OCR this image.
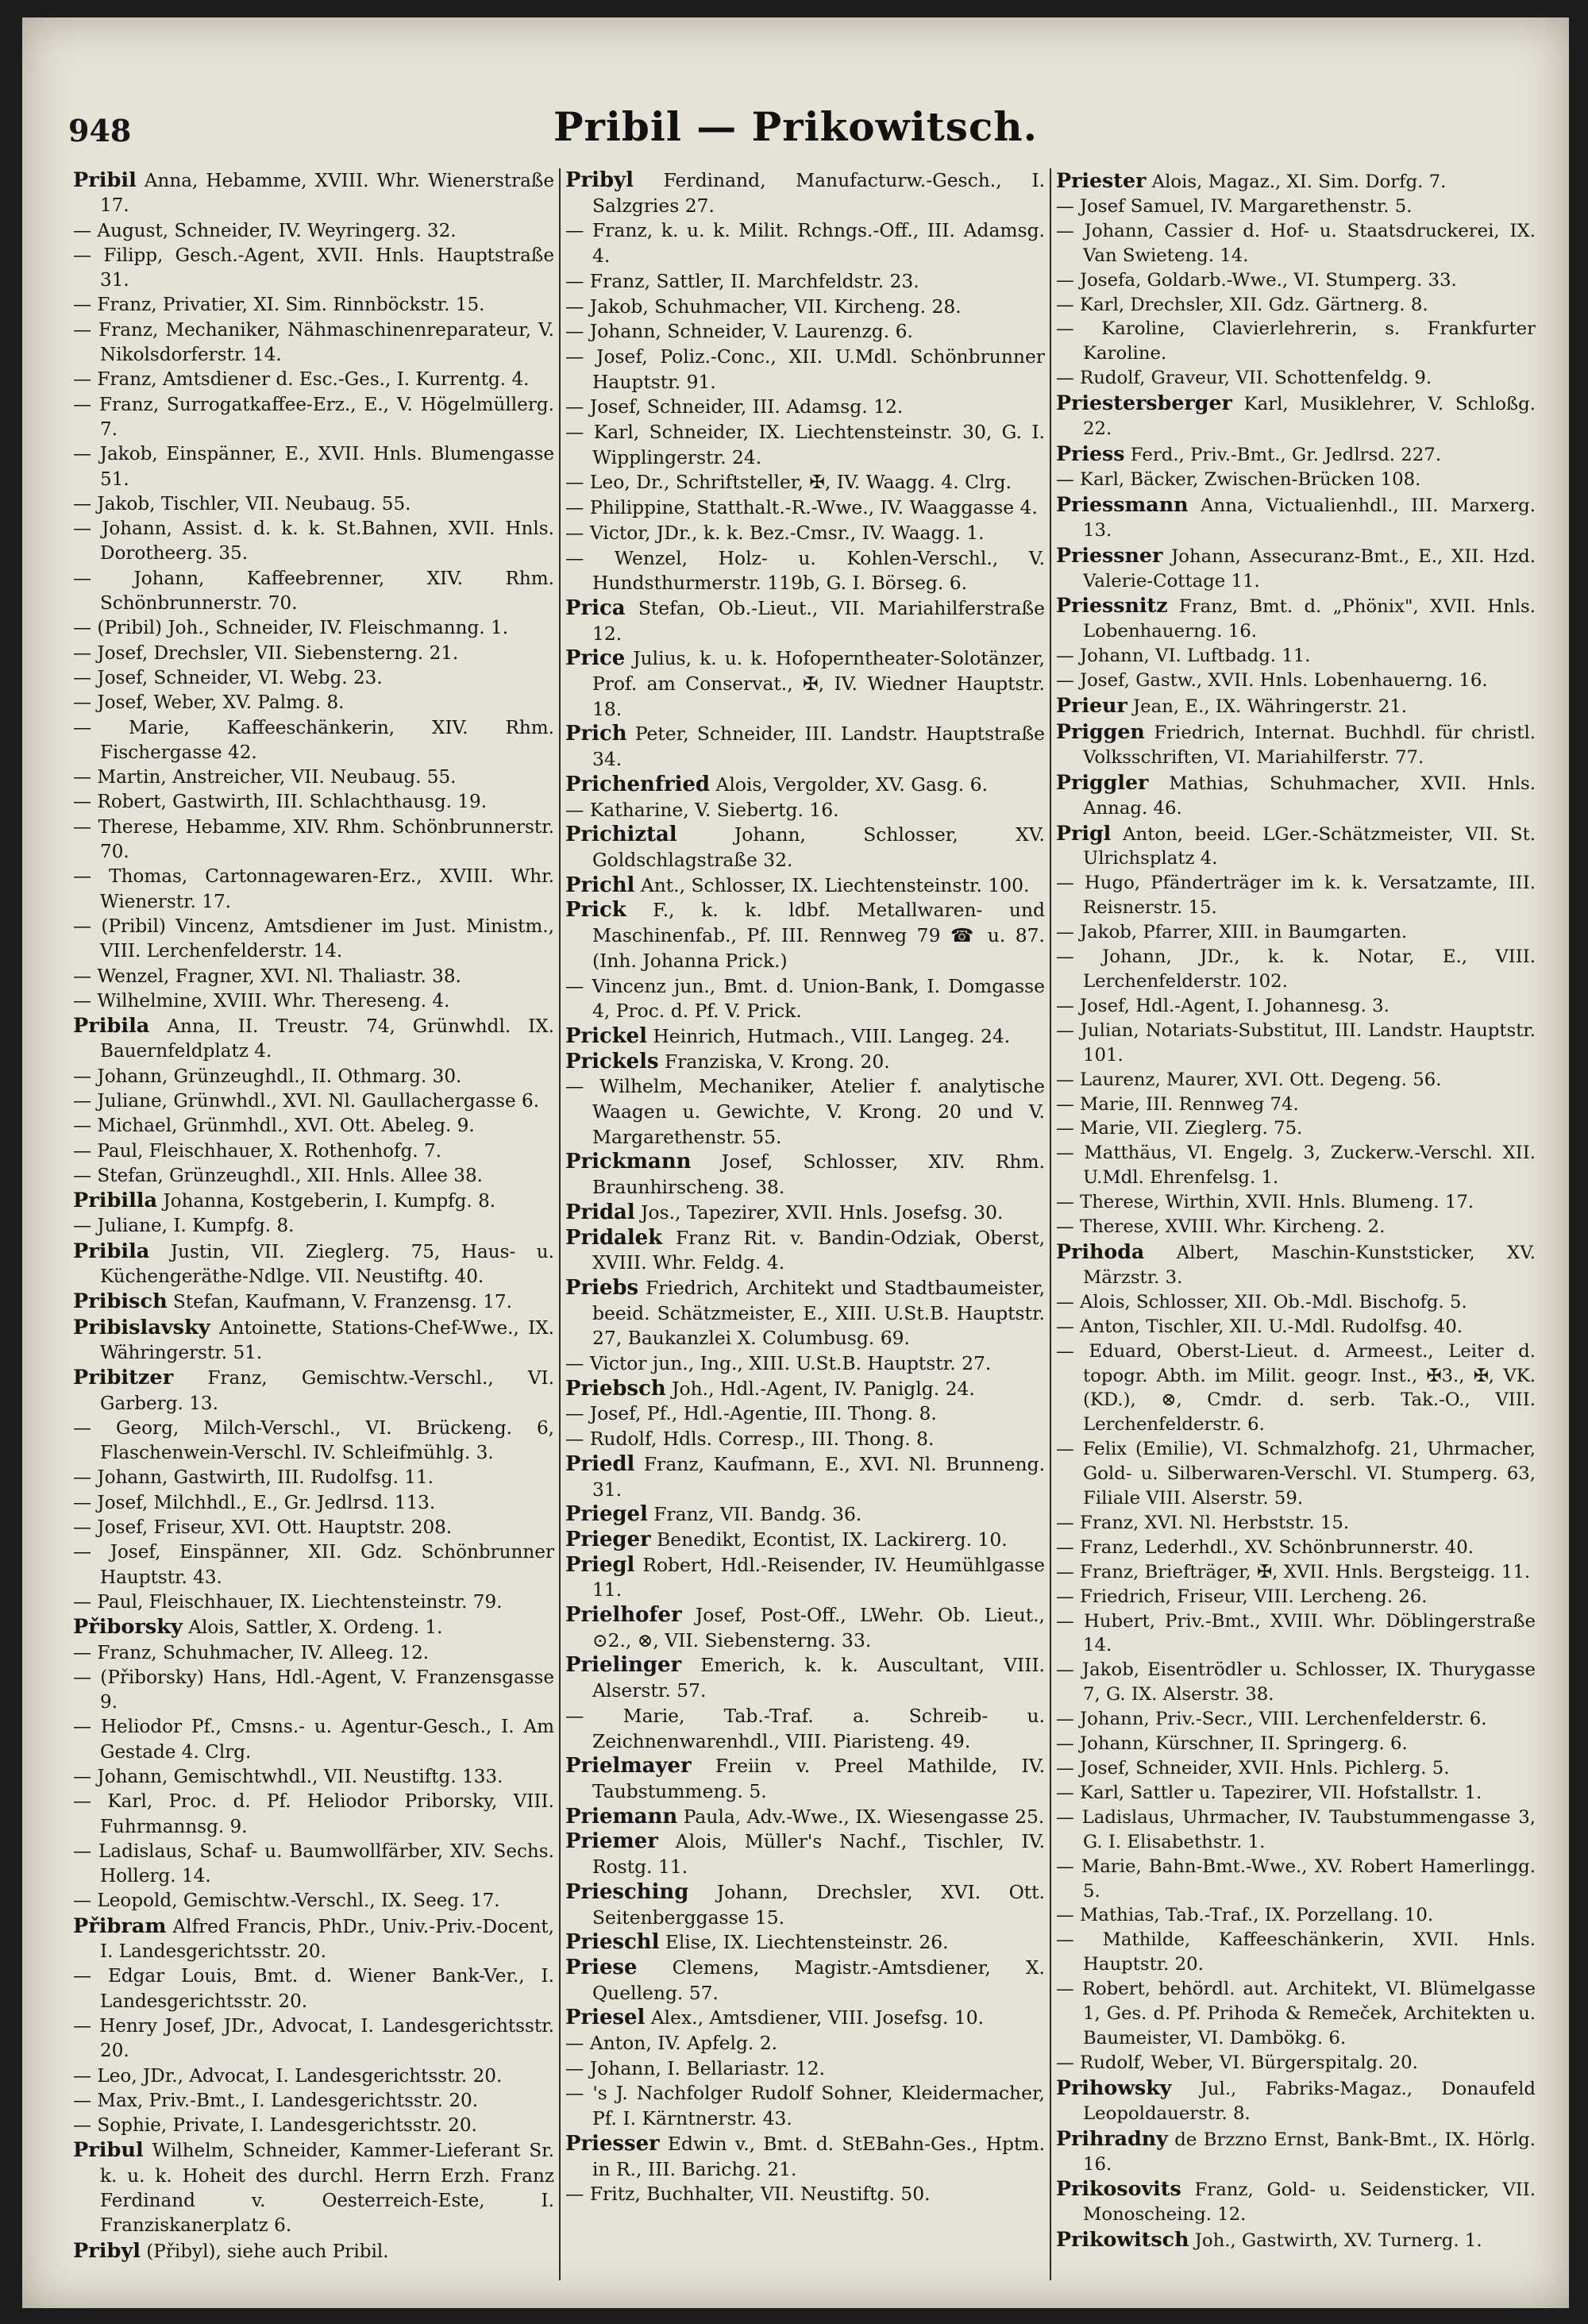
948	Pribil — Prikowitsch.
Pribil Anna, Hebamme, XVIII. Whr. Wienerstraße 17.
— August, Schneider, IV. Weyringerg. 32.
— Filipp, Gesch.-Agent, XVII. Hnls. Hauptstraße 31.
— Franz, Privatier, XI. Sim. Rinnböckstr. 15.
— Franz, Mechaniker, Nähmaschinenreparateur, V. Nikolsdorferstr. 14.
— Franz, Amtsdiener d. Esc.-Ges., I. Kurrentg. 4.
— Franz, Surrogatkaffee-Erz., E., V. Högelmüllerg. 7.
— Jakob, Einspänner, E., XVII. Hnls. Blumengasse 51.
— Jakob, Tischler, VII. Neubaug. 55.
— Johann, Assist. d. k. k. St.Bahnen, XVII. Hnls. Dorotheerg. 35.
— Johann, Kaffeebrenner, XIV. Rhm. Schönbrunnerstr. 70.
— (Pribil) Joh., Schneider, IV. Fleischmanng. 1.
— Josef, Drechsler, VII. Siebensterng. 21.
— Josef, Schneider, VI. Webg. 23.
— Josef, Weber, XV. Palmg. 8.
— Marie, Kaffeeschänkerin, XIV. Rhm. Fischergasse 42.
— Martin, Anstreicher, VII. Neubaug. 55.
— Robert, Gastwirth, III. Schlachthausg. 19.
— Therese, Hebamme, XIV. Rhm. Schönbrunnerstr. 70.
— Thomas, Cartonnagewaren-Erz., XVIII. Whr. Wienerstr. 17.
— (Pribil) Vincenz, Amtsdiener im Just. Ministm., VIII. Lerchenfelderstr. 14.
— Wenzel, Fragner, XVI. Nl. Thaliastr. 38.
— Wilhelmine, XVIII. Whr. Thereseng. 4.
Pribila Anna, II. Treustr. 74, Grünwhdl. IX. Bauernfeldplatz 4.
— Johann, Grünzeughdl., II. Othmarg. 30.
— Juliane, Grünwhdl., XVI. Nl. Gaullachergasse 6.
— Michael, Grünmhdl., XVI. Ott. Abeleg. 9.
— Paul, Fleischhauer, X. Rothenhofg. 7.
— Stefan, Grünzeughdl., XII. Hnls. Allee 38.
Pribilla Johanna, Kostgeberin, I. Kumpfg. 8.
— Juliane, I. Kumpfg. 8.
Pribila Justin, VII. Zieglerg. 75, Haus- u. Küchengeräthe-Ndlge. VII. Neustiftg. 40.
Pribisch Stefan, Kaufmann, V. Franzensg. 17.
Pribislavsky Antoinette, Stations-Chef-Wwe., IX. Währingerstr. 51.
Pribitzer Franz, Gemischtw.-Verschl., VI. Garberg. 13.
— Georg, Milch-Verschl., VI. Brückeng. 6, Flaschenwein-Verschl. IV. Schleifmühlg. 3.
— Johann, Gastwirth, III. Rudolfsg. 11.
— Josef, Milchhdl., E., Gr. Jedlrsd. 113.
— Josef, Friseur, XVI. Ott. Hauptstr. 208.
— Josef, Einspänner, XII. Gdz. Schönbrunner Hauptstr. 43.
— Paul, Fleischhauer, IX. Liechtensteinstr. 79.
Přiborsky Alois, Sattler, X. Ordeng. 1.
— Franz, Schuhmacher, IV. Alleeg. 12.
— (Přiborsky) Hans, Hdl.-Agent, V. Franzensgasse 9.
— Heliodor Pf., Cmsns.- u. Agentur-Gesch., I. Am Gestade 4. Clrg.
— Johann, Gemischtwhdl., VII. Neustiftg. 133.
— Karl, Proc. d. Pf. Heliodor Priborsky, VIII. Fuhrmannsg. 9.
— Ladislaus, Schaf- u. Baumwollfärber, XIV. Sechs. Hollerg. 14.
— Leopold, Gemischtw.-Verschl., IX. Seeg. 17.
Přibram Alfred Francis, PhDr., Univ.-Priv.-Docent, I. Landesgerichtsstr. 20.
— Edgar Louis, Bmt. d. Wiener Bank-Ver., I. Landesgerichtsstr. 20.
— Henry Josef, JDr., Advocat, I. Landesgerichtsstr. 20.
— Leo, JDr., Advocat, I. Landesgerichtsstr. 20.
— Max, Priv.-Bmt., I. Landesgerichtsstr. 20.
— Sophie, Private, I. Landesgerichtsstr. 20.
Pribul Wilhelm, Schneider, Kammer-Lieferant Sr. k. u. k. Hoheit des durchl. Herrn Erzh. Franz Ferdinand v. Oesterreich-Este, I. Franziskanerplatz 6.
Pribyl (Přibyl), siehe auch Pribil.
Pribyl Ferdinand, Manufacturw.-Gesch., I. Salzgries 27.
— Franz, k. u. k. Milit. Rchngs.-Off., III. Adamsg. 4.
— Franz, Sattler, II. Marchfeldstr. 23.
— Jakob, Schuhmacher, VII. Kircheng. 28.
— Johann, Schneider, V. Laurenzg. 6.
— Josef, Poliz.-Conc., XII. U.Mdl. Schönbrunner Hauptstr. 91.
— Josef, Schneider, III. Adamsg. 12.
— Karl, Schneider, IX. Liechtensteinstr. 30, G. I. Wipplingerstr. 24.
— Leo, Dr., Schriftsteller, ✠, IV. Waagg. 4. Clrg.
— Philippine, Statthalt.-R.-Wwe., IV. Waaggasse 4.
— Victor, JDr., k. k. Bez.-Cmsr., IV. Waagg. 1.
— Wenzel, Holz- u. Kohlen-Verschl., V. Hundsthurmerstr. 119b, G. I. Börseg. 6.
Prica Stefan, Ob.-Lieut., VII. Mariahilferstraße 12.
Price Julius, k. u. k. Hofoperntheater-Solotänzer, Prof. am Conservat., ✠, IV. Wiedner Hauptstr. 18.
Prich Peter, Schneider, III. Landstr. Hauptstraße 34.
Prichenfried Alois, Vergolder, XV. Gasg. 6.
— Katharine, V. Siebertg. 16.
Prichiztal	Johann, Schlosser, XV. Goldschlagstraße 32.
Prichl Ant., Schlosser, IX. Liechtensteinstr. 100.
Prick F., k. k. ldbf. Metallwaren- und Maschinenfab., Pf. III. Rennweg 79 ☎ u. 87. (Inh. Johanna Prick.)
— Vincenz jun., Bmt. d. Union-Bank, I. Domgasse 4, Proc. d. Pf. V. Prick.
Prickel Heinrich, Hutmach., VIII. Langeg. 24.
Prickels Franziska, V. Krong. 20.
— Wilhelm, Mechaniker, Atelier f. analytische Waagen u. Gewichte, V. Krong. 20 und V. Margarethenstr. 55.
Prickmann Josef, Schlosser, XIV. Rhm. Braunhirscheng. 38.
Pridal Jos., Tapezirer, XVII. Hnls. Josefsg. 30.
Pridalek Franz Rit. v. Bandin-Odziak, Oberst, XVIII. Whr. Feldg. 4.
Priebs Friedrich, Architekt und Stadtbaumeister, beeid. Schätzmeister, E., XIII. U.St.B. Hauptstr. 27, Baukanzlei X. Columbusg. 69.
— Victor jun., Ing., XIII. U.St.B. Hauptstr. 27.
Priebsch Joh., Hdl.-Agent, IV. Paniglg. 24.
— Josef, Pf., Hdl.-Agentie, III. Thong. 8.
— Rudolf, Hdls. Corresp., III. Thong. 8.
Priedl Franz, Kaufmann, E., XVI. Nl. Brunneng. 31.
Priegel Franz, VII. Bandg. 36.
Prieger Benedikt, Econtist, IX. Lackirerg. 10.
Priegl Robert, Hdl.-Reisender, IV. Heumühlgasse 11.
Prielhofer Josef, Post-Off., LWehr. Ob. Lieut., ⊙2., ⊗, VII. Siebensterng. 33.
Prielinger Emerich, k. k. Auscultant, VIII. Alserstr. 57.
— Marie, Tab.-Traf. a. Schreib- u. Zeichnenwarenhdl., VIII. Piaristeng. 49.
Prielmayer Freiin v. Preel Mathilde, IV. Taubstummeng. 5.
Priemann Paula, Adv.-Wwe., IX. Wiesengasse 25.
Priemer Alois, Müller's Nachf., Tischler, IV. Rostg. 11.
Priesching Johann, Drechsler, XVI. Ott. Seitenberggasse 15.
Prieschl Elise, IX. Liechtensteinstr. 26.
Priese Clemens, Magistr.-Amtsdiener, X. Quelleng. 57.
Priesel Alex., Amtsdiener, VIII. Josefsg. 10.
— Anton, IV. Apfelg. 2.
— Johann, I. Bellariastr. 12.
— 's J. Nachfolger Rudolf Sohner, Kleidermacher, Pf. I. Kärntnerstr. 43.
Priesser Edwin v., Bmt. d. StEBahn-Ges., Hptm. in R., III. Barichg. 21.
— Fritz, Buchhalter, VII. Neustiftg. 50.
Priester Alois, Magaz., XI. Sim. Dorfg. 7.
— Josef Samuel, IV. Margarethenstr. 5.
— Johann, Cassier d. Hof- u. Staatsdruckerei, IX. Van Swieteng. 14.
— Josefa, Goldarb.-Wwe., VI. Stumperg. 33.
— Karl, Drechsler, XII. Gdz. Gärtnerg. 8.
— Karoline, Clavierlehrerin, s. Frankfurter Karoline.
— Rudolf, Graveur, VII. Schottenfeldg. 9.
Priestersberger Karl, Musiklehrer, V. Schloßg. 22.
Priess Ferd., Priv.-Bmt., Gr. Jedlrsd. 227.
— Karl, Bäcker, Zwischen-Brücken 108.
Priessmann Anna, Victualienhdl., III. Marxerg. 13.
Priessner Johann, Assecuranz-Bmt., E., XII. Hzd. Valerie-Cottage 11.
Priessnitz Franz, Bmt. d. „Phönix", XVII. Hnls. Lobenhauerng. 16.
— Johann, VI. Luftbadg. 11.
— Josef, Gastw., XVII. Hnls. Lobenhauerng. 16.
Prieur Jean, E., IX. Währingerstr. 21.
Priggen Friedrich, Internat. Buchhdl. für christl. Volksschriften, VI. Mariahilferstr. 77.
Priggler Mathias, Schuhmacher, XVII. Hnls. Annag. 46.
Prigl Anton, beeid. LGer.-Schätzmeister, VII. St. Ulrichsplatz 4.
— Hugo, Pfänderträger im k. k. Versatzamte, III. Reisnerstr. 15.
— Jakob, Pfarrer, XIII. in Baumgarten.
— Johann, JDr., k. k. Notar, E., VIII. Lerchenfelderstr. 102.
— Josef, Hdl.-Agent, I. Johannesg. 3.
— Julian, Notariats-Substitut, III. Landstr. Hauptstr. 101.
— Laurenz, Maurer, XVI. Ott. Degeng. 56.
— Marie, III. Rennweg 74.
— Marie, VII. Zieglerg. 75.
— Matthäus, VI. Engelg. 3, Zuckerw.-Verschl. XII. U.Mdl. Ehrenfelsg. 1.
— Therese, Wirthin, XVII. Hnls. Blumeng. 17.
— Therese, XVIII. Whr. Kircheng. 2.
Prihoda Albert, Maschin-Kunststicker, XV. Märzstr. 3.
— Alois, Schlosser, XII. Ob.-Mdl. Bischofg. 5.
— Anton, Tischler, XII. U.-Mdl. Rudolfsg. 40.
— Eduard, Oberst-Lieut. d. Armeest., Leiter d. topogr. Abth. im Milit. geogr. Inst., ✠3., ✠, VK. (KD.), ⊗, Cmdr. d. serb. Tak.-O., VIII. Lerchenfelderstr. 6.
— Felix (Emilie), VI. Schmalzhofg. 21, Uhrmacher, Gold- u. Silberwaren-Verschl. VI. Stumperg. 63, Filiale VIII. Alserstr. 59.
— Franz, XVI. Nl. Herbststr. 15.
— Franz, Lederhdl., XV. Schönbrunnerstr. 40.
— Franz, Briefträger, ✠, XVII. Hnls. Bergsteigg. 11.
— Friedrich, Friseur, VIII. Lercheng. 26.
— Hubert, Priv.-Bmt., XVIII. Whr. Döblingerstraße 14.
— Jakob, Eisentrödler u. Schlosser, IX. Thurygasse 7, G. IX. Alserstr. 38.
— Johann, Priv.-Secr., VIII. Lerchenfelderstr. 6.
— Johann, Kürschner, II. Springerg. 6.
— Josef, Schneider, XVII. Hnls. Pichlerg. 5.
— Karl, Sattler u. Tapezirer, VII. Hofstallstr. 1.
— Ladislaus, Uhrmacher, IV. Taubstummengasse 3, G. I. Elisabethstr. 1.
— Marie, Bahn-Bmt.-Wwe., XV. Robert Hamerlingg. 5.
— Mathias, Tab.-Traf., IX. Porzellang. 10.
— Mathilde, Kaffeeschänkerin, XVII. Hnls. Hauptstr. 20.
— Robert, behördl. aut. Architekt, VI. Blümelgasse 1, Ges. d. Pf. Prihoda & Remeček, Architekten u. Baumeister, VI. Dambökg. 6.
— Rudolf, Weber, VI. Bürgerspitalg. 20.
Prihowsky Jul., Fabriks-Magaz., Donaufeld Leopoldauerstr. 8.
Prihradny de Brzzno Ernst, Bank-Bmt., IX. Hörlg. 16.
Prikosovits Franz, Gold- u. Seidensticker, VII. Monoscheing. 12.
Prikowitsch Joh., Gastwirth, XV. Turnerg. 1.
